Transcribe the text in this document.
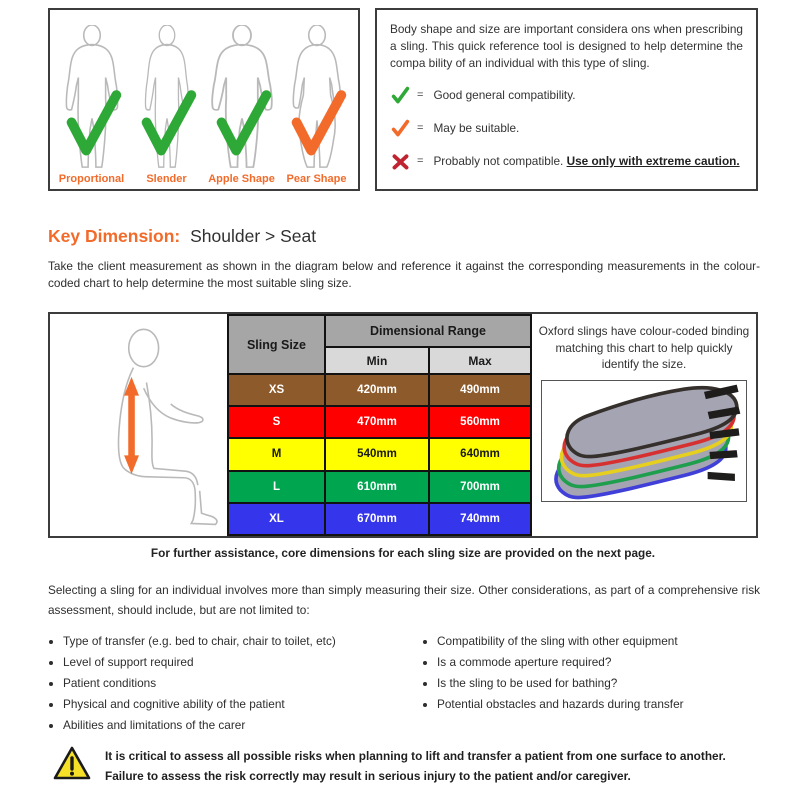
Proportional Slender Apple Shape Pear Shape

Body shape and size are important considera ons when prescribing a sling. This quick reference tool is designed to help determine the compa bility of an individual with this type of sling.

= Good general compatibility.
= May be suitable.
= Probably not compatible. Use only with extreme caution.
Key Dimension: Shoulder > Seat

Take the client measurement as shown in the diagram below and reference it against the corresponding measurements in the colour-coded chart to help determine the most suitable sling size.

Sling Size	Dimensional Range	
	Min	Max
XS	420mm	490mm
S	470mm	560mm
M	540mm	640mm
L	610mm	700mm
XL	670mm	740mm

Oxford slings have colour-coded binding matching this chart to help quickly identify the size.

For further assistance, core dimensions for each sling size are provided on the next page.

Selecting a sling for an individual involves more than simply measuring their size. Other considerations, as part of a comprehensive risk assessment, should include, but are not limited to:

• Type of transfer (e.g. bed to chair, chair to toilet, etc)
• Level of support required
• Patient conditions
• Physical and cognitive ability of the patient
• Abilities and limitations of the carer
• Compatibility of the sling with other equipment
• Is a commode aperture required?
• Is the sling to be used for bathing?
• Potential obstacles and hazards during transfer
It is critical to assess all possible risks when planning to lift and transfer a patient from one surface to another.
Failure to assess the risk correctly may result in serious injury to the patient and/or caregiver.
